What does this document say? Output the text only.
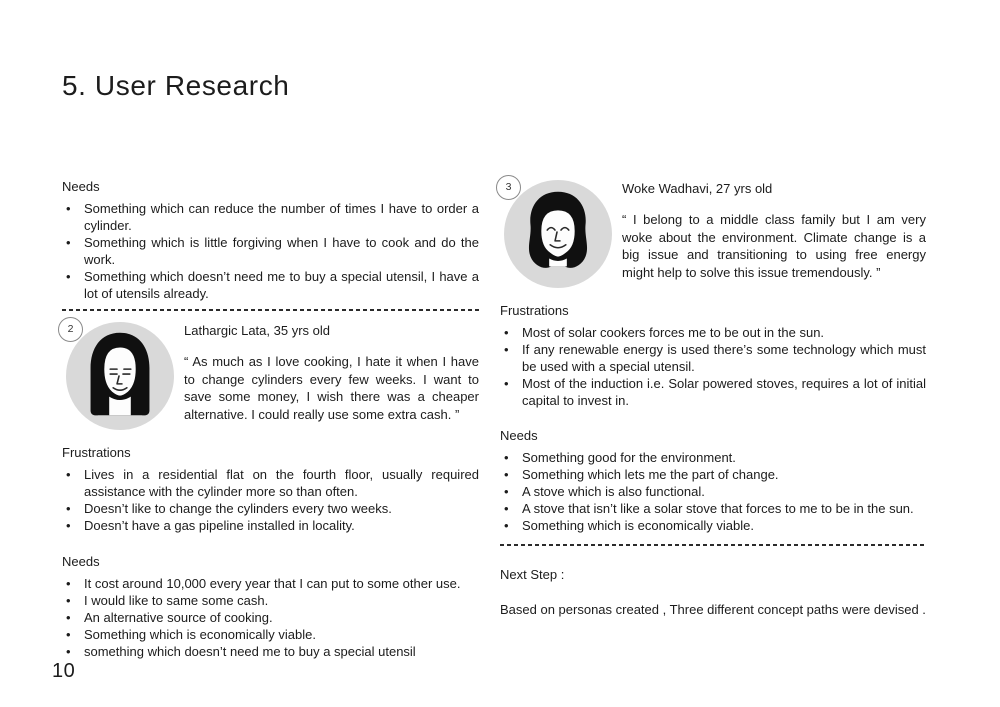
5. User Research
Needs
•	Something which can reduce the number of times I have to order a cylinder.
•	Something which is little forgiving when I have to cook and do the work.
•	Something which doesn’t need me to buy a special utensil, I have a lot of utensils already.
2	Lathargic Lata, 35 yrs old

“ As much as I love cooking, I hate it when I have to change cylinders every few weeks. I want to save some money, I wish there was a cheaper alternative. I could really use some extra cash. ”

Frustrations
•	Lives in a residential flat on the fourth floor, usually required assistance with the cylinder more so than often.
•	Doesn’t like to change the cylinders every two weeks.
•	Doesn’t have a gas pipeline installed in locality.
Needs
•	It cost around 10,000 every year that I can put to some other use.
•	I would like to same some cash.
•	An alternative source of cooking.
•	Something which is economically viable.
•	something which doesn’t need me to buy a special utensil
3	Woke Wadhavi, 27 yrs old

“ I belong to a middle class family but I am very woke about the environment. Climate change is a big issue and transitioning to using free energy might help to solve this issue tremendously. ”

Frustrations
•	Most of solar cookers forces me to be out in the sun.
•	If any renewable energy is used there’s some technology which must be used with a special utensil.
•	Most of the induction i.e. Solar powered stoves, requires a lot of initial capital to invest in.
Needs
•	Something good for the environment.
•	Something which lets me the part of change.
•	A stove which is also functional.
•	A stove that isn’t like a solar stove that forces to me to be in the sun.
•	Something which is economically viable.
Next Step :
Based on personas created , Three different concept paths were devised .
10
